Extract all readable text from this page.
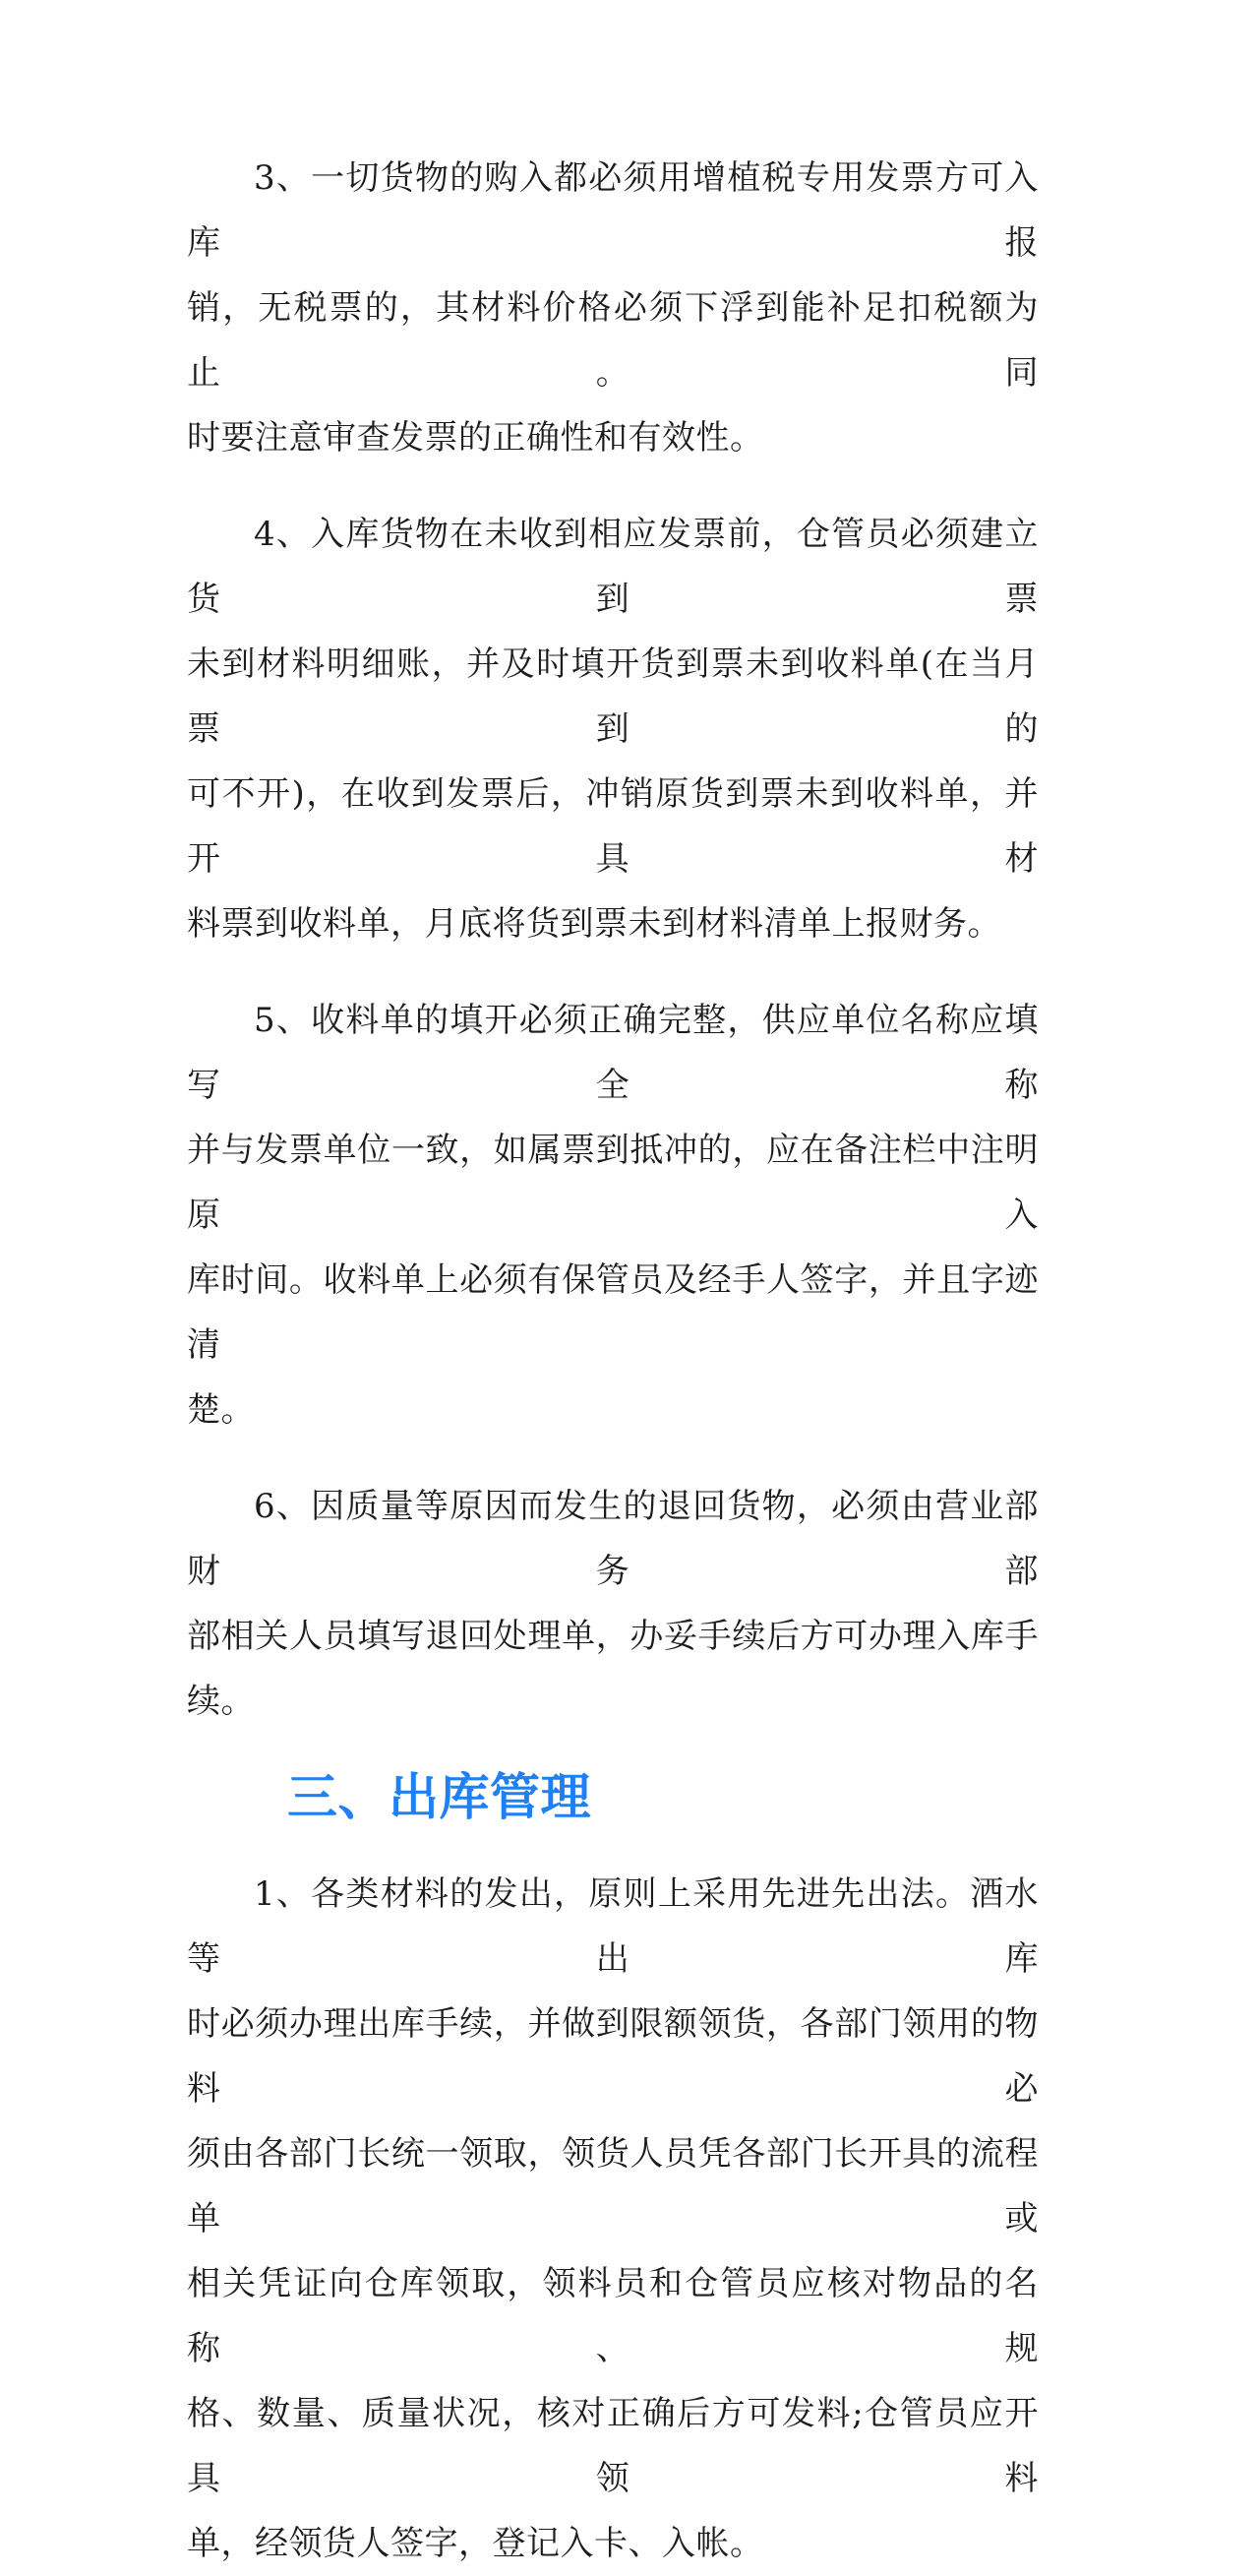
3、一切货物的购入都必须用增植税专用发票方可入库报
销，无税票的，其材料价格必须下浮到能补足扣税额为止。同
时要注意审查发票的正确性和有效性。

4、入库货物在未收到相应发票前，仓管员必须建立货到票
未到材料明细账，并及时填开货到票未到收料单(在当月票到的
可不开)，在收到发票后，冲销原货到票未到收料单，并开具材
料票到收料单，月底将货到票未到材料清单上报财务。

5、收料单的填开必须正确完整，供应单位名称应填写全称
并与发票单位一致，如属票到抵冲的，应在备注栏中注明原入
库时间。收料单上必须有保管员及经手人签字，并且字迹清
楚。

6、因质量等原因而发生的退回货物，必须由营业部财务部
部相关人员填写退回处理单，办妥手续后方可办理入库手续。

三、出库管理

1、各类材料的发出，原则上采用先进先出法。酒水等出库
时必须办理出库手续，并做到限额领货，各部门领用的物料必
须由各部门长统一领取，领货人员凭各部门长开具的流程单或
相关凭证向仓库领取，领料员和仓管员应核对物品的名称、规
格、数量、质量状况，核对正确后方可发料;仓管员应开具领料
单，经领货人签字，登记入卡、入帐。
